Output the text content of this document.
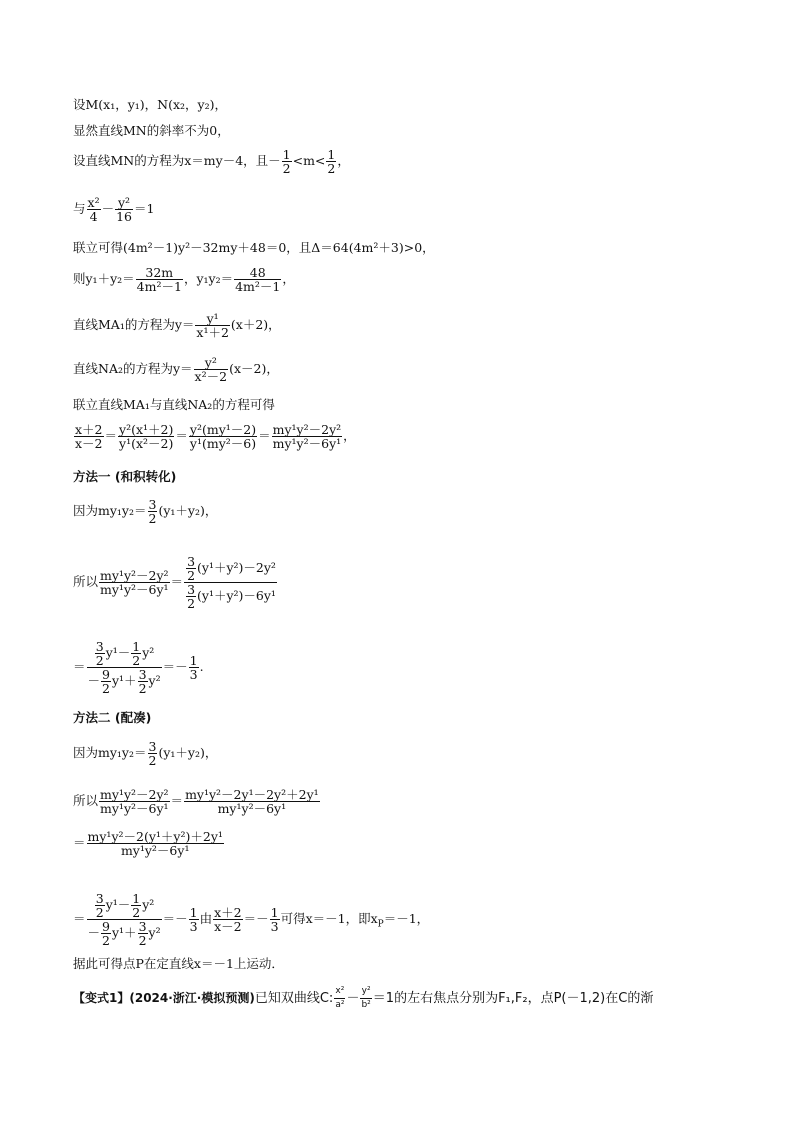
设M(x₁，y₁)，N(x₂，y₂)，
显然直线MN的斜率不为0，
设直线MN的方程为x＝my－4，且－ $\frac{1}{2} <m< \frac{1}{2}$ ，
与 $\frac{\text{x²}}{4} - \frac{\text{y²}}{16} =1$
联立可得(4m²－1)y²－32my＋48＝0，且Δ＝64(4m²＋3)>0，
则$y_1+y_2= \frac{32m}{\text{4m²－1}}$ ，$y_1y_2= \frac{48}{\text{4m²－1}}$ ，
直线MA₁的方程为$y= \frac{\text{y¹}}{\text{x¹＋2}} (x+2)$，
直线NA₂的方程为$y= \frac{\text{y²}}{\text{x²－2}} (x-2)$，
联立直线MA₁与直线NA₂的方程可得
$\frac{x+2}{x-2} = \frac{\text{y²(x¹＋2)}}{\text{y¹(x²－2)}} = \frac{\text{y²(my¹－2)}}{\text{y¹(my²－6)}} = \frac{\text{my¹y²－2y²}}{\text{my¹y²－6y¹}}$ ，
方法一 (和积转化)
因为$my_1y_2= \frac{3}{2} (y_1+y_2)$，
所以 $\frac{\text{my¹y²－2y²}}{\text{my¹y²－6y¹}} = \frac{\frac{3}{2} (y^1+y^2)-2y^2}{\frac{3}{2} (y^1+y^2)-6y^1}$
＝ $\frac{\frac{3}{2} y^1- \frac{1}{2} y^2}{- \frac{9}{2} y^1+ \frac{3}{2} y^2} =- \frac{1}{3}$ .
方法二 (配凑)
因为$my_1y_2= \frac{3}{2} (y_1+y_2)$，
所以 $\frac{\text{my¹y²－2y²}}{\text{my¹y²－6y¹}} = \frac{\text{my¹y²－2y¹－2y²＋2y¹}}{\text{my¹y²－6y¹}}$
＝ $\frac{\text{my¹y²－2(y¹＋y²)＋2y¹}}{\text{my¹y²－6y¹}}$
＝ $\frac{\frac{3}{2} y^1- \frac{1}{2} y^2}{- \frac{9}{2} y^1+ \frac{3}{2} y^2} =- \frac{1}{3}$ 由 $\frac{x+2}{x-2} =- \frac{1}{3}$ 可得x＝－1，即$x_P=-1$，
据此可得点P在定直线x＝－1上运动．
【变式1】(2024·浙江·模拟预测)已知双曲线C: $\frac{\text{x²}}{\text{a²}} - \frac{\text{y²}}{\text{b²}} =1$的左右焦点分别为F₁,F₂，点P(－1,2)在C的渐
